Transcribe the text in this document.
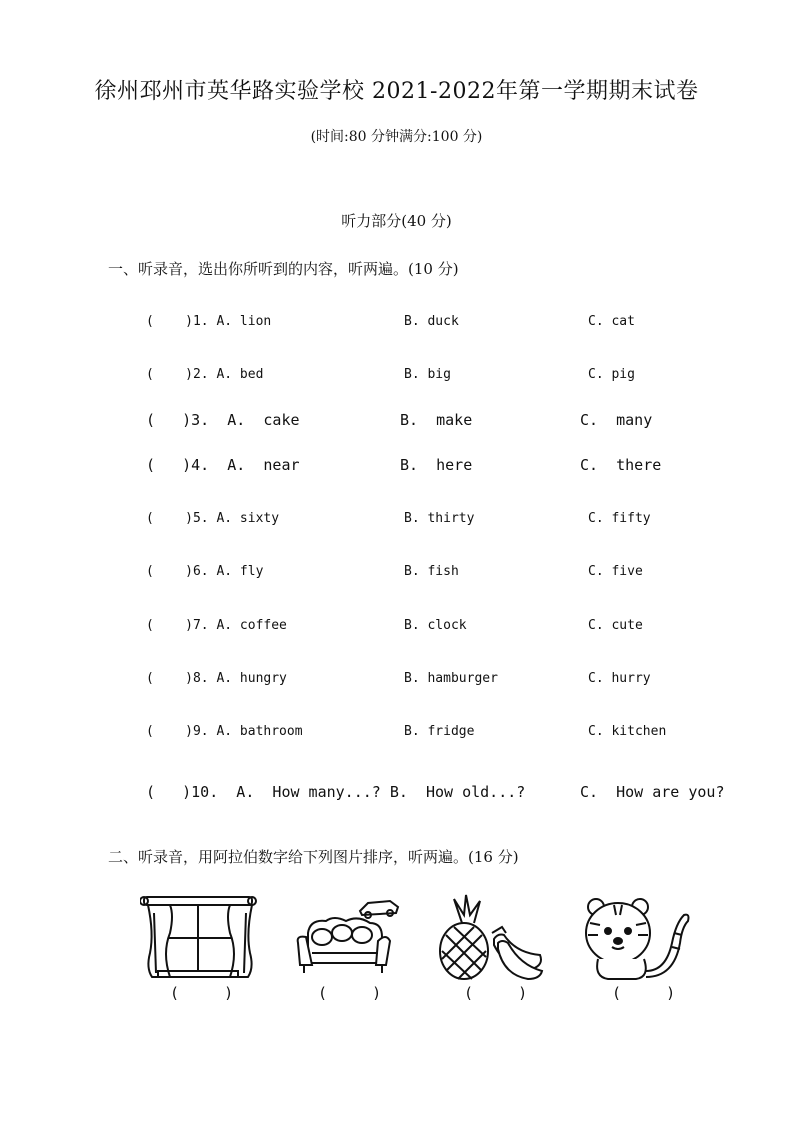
徐州邳州市英华路实验学校 2021-2022年第一学期期末试卷
(时间:80 分钟满分:100 分)
听力部分(40 分)
一、听录音，选出你所听到的内容，听两遍。(10 分)
(    )1. A. lion	B. duck	C. cat
(    )2. A. bed	B. big	C. pig
(   )3.  A.  cake	B.  make	C.  many
(   )4.  A.  near	B.  here	C.  there
(    )5. A. sixty	B. thirty	C. fifty
(    )6. A. fly	B. fish	C. five
(    )7. A. coffee	B. clock	C. cute
(    )8. A. hungry	B. hamburger	C. hurry
(    )9. A. bathroom	B. fridge	C. kitchen
(   )10.  A.  How many...? B.  How old...?	C.  How are you?
二、听录音，用阿拉伯数字给下列图片排序，听两遍。(16 分)
(     )	(     )	(     )	(     )
